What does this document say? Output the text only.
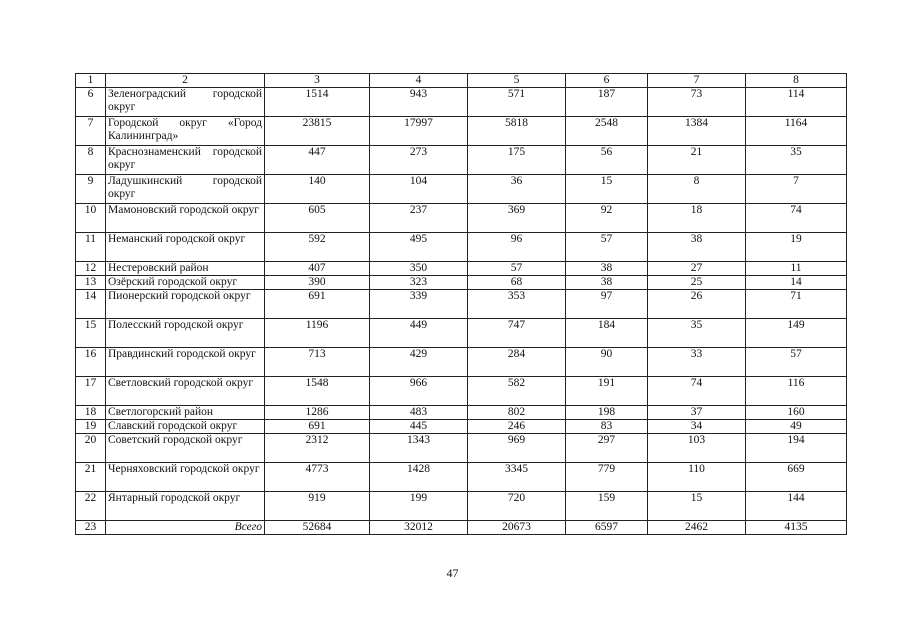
1	2	3	4	5	6	7	8
6	Зеленоградский городской округ	1514	943	571	187	73	114
7	Городской округ «Город Калининград»	23815	17997	5818	2548	1384	1164
8	Краснознаменский городской округ	447	273	175	56	21	35
9	Ладушкинский городской округ	140	104	36	15	8	7
10	Мамоновский городской округ	605	237	369	92	18	74
11	Неманский городской округ	592	495	96	57	38	19
12	Нестеровский район	407	350	57	38	27	11
13	Озёрский городской округ	390	323	68	38	25	14
14	Пионерский городской округ	691	339	353	97	26	71
15	Полесский городской округ	1196	449	747	184	35	149
16	Правдинский городской округ	713	429	284	90	33	57
17	Светловский городской округ	1548	966	582	191	74	116
18	Светлогорский район	1286	483	802	198	37	160
19	Славский городской округ	691	445	246	83	34	49
20	Советский городской округ	2312	1343	969	297	103	194
21	Черняховский городской округ	4773	1428	3345	779	110	669
22	Янтарный городской округ	919	199	720	159	15	144
23	Всего	52684	32012	20673	6597	2462	4135
47
